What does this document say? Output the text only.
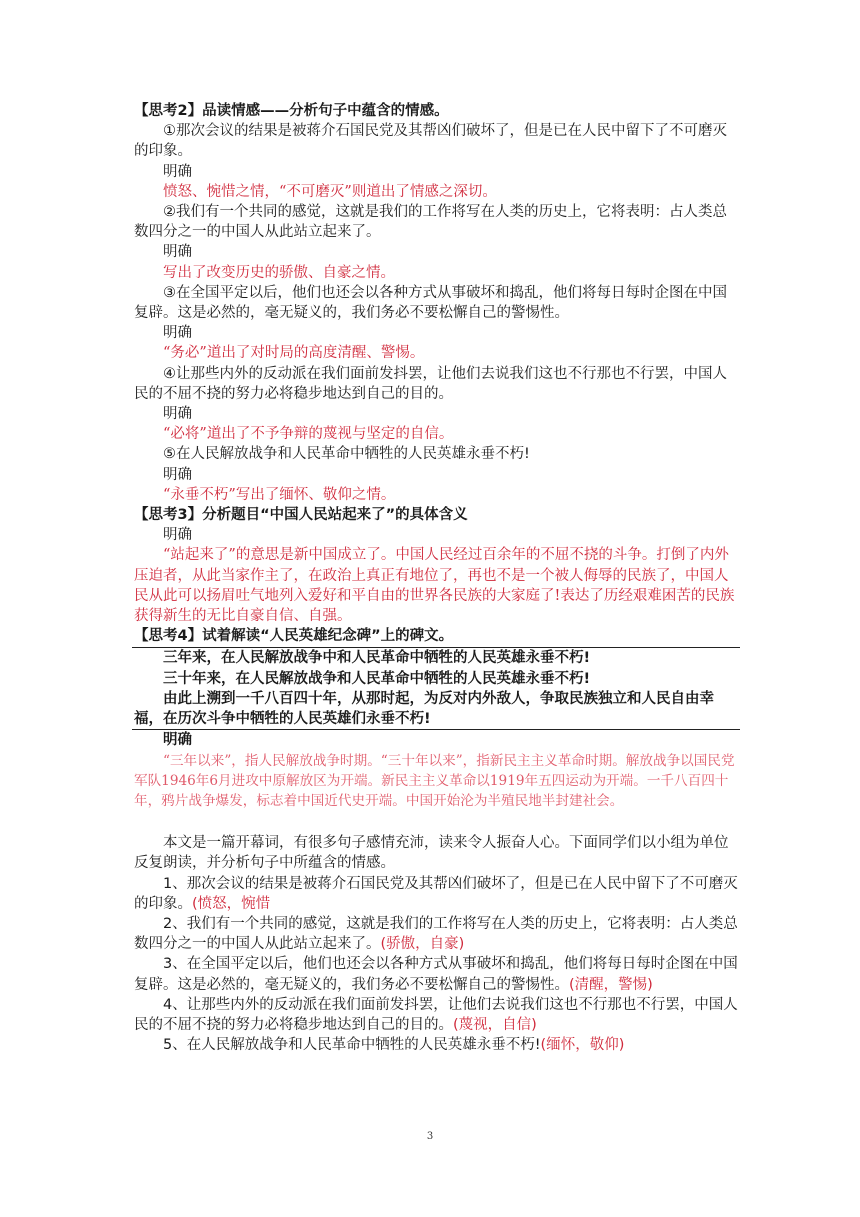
【思考2】品读情感——分析句子中蕴含的情感。

①那次会议的结果是被蒋介石国民党及其帮凶们破坏了，但是已在人民中留下了不可磨灭的印象。

明确

愤怒、惋惜之情，“不可磨灭”则道出了情感之深切。

②我们有一个共同的感觉，这就是我们的工作将写在人类的历史上，它将表明：占人类总数四分之一的中国人从此站立起来了。

明确

写出了改变历史的骄傲、自豪之情。

③在全国平定以后，他们也还会以各种方式从事破坏和捣乱，他们将每日每时企图在中国复辟。这是必然的，毫无疑义的，我们务必不要松懈自己的警惕性。

明确

“务必”道出了对时局的高度清醒、警惕。

④让那些内外的反动派在我们面前发抖罢，让他们去说我们这也不行那也不行罢，中国人民的不屈不挠的努力必将稳步地达到自己的目的。

明确

“必将”道出了不予争辩的蔑视与坚定的自信。

⑤在人民解放战争和人民革命中牺牲的人民英雄永垂不朽!

明确

“永垂不朽”写出了缅怀、敬仰之情。

【思考3】分析题目“中国人民站起来了”的具体含义

明确

“站起来了”的意思是新中国成立了。中国人民经过百余年的不屈不挠的斗争。打倒了内外压迫者，从此当家作主了，在政治上真正有地位了，再也不是一个被人侮辱的民族了，中国人民从此可以扬眉吐气地列入爱好和平自由的世界各民族的大家庭了!表达了历经艰难困苦的民族获得新生的无比自豪自信、自强。

【思考4】试着解读“人民英雄纪念碑”上的碑文。

三年来，在人民解放战争中和人民革命中牺牲的人民英雄永垂不朽!

三十年来，在人民解放战争和人民革命中牺牲的人民英雄永垂不朽!

由此上溯到一千八百四十年，从那时起，为反对内外敌人，争取民族独立和人民自由幸福，在历次斗争中牺牲的人民英雄们永垂不朽!

明确

“三年以来”，指人民解放战争时期。“三十年以来”，指新民主主义革命时期。解放战争以国民党军队1946年6月进攻中原解放区为开端。新民主主义革命以1919年五四运动为开端。一千八百四十年，鸦片战争爆发，标志着中国近代史开端。中国开始沦为半殖民地半封建社会。

本文是一篇开幕词，有很多句子感情充沛，读来令人振奋人心。下面同学们以小组为单位反复朗读，并分析句子中所蕴含的情感。

1、那次会议的结果是被蒋介石国民党及其帮凶们破坏了，但是已在人民中留下了不可磨灭的印象。(愤怒，惋惜

2、我们有一个共同的感觉，这就是我们的工作将写在人类的历史上，它将表明：占人类总数四分之一的中国人从此站立起来了。(骄傲，自豪)

3、在全国平定以后，他们也还会以各种方式从事破坏和捣乱，他们将每日每时企图在中国复辟。这是必然的，毫无疑义的，我们务必不要松懈自己的警惕性。(清醒，警惕)

4、让那些内外的反动派在我们面前发抖罢，让他们去说我们这也不行那也不行罢，中国人民的不屈不挠的努力必将稳步地达到自己的目的。(蔑视，自信)

5、在人民解放战争和人民革命中牺牲的人民英雄永垂不朽!(缅怀，敬仰)

3
